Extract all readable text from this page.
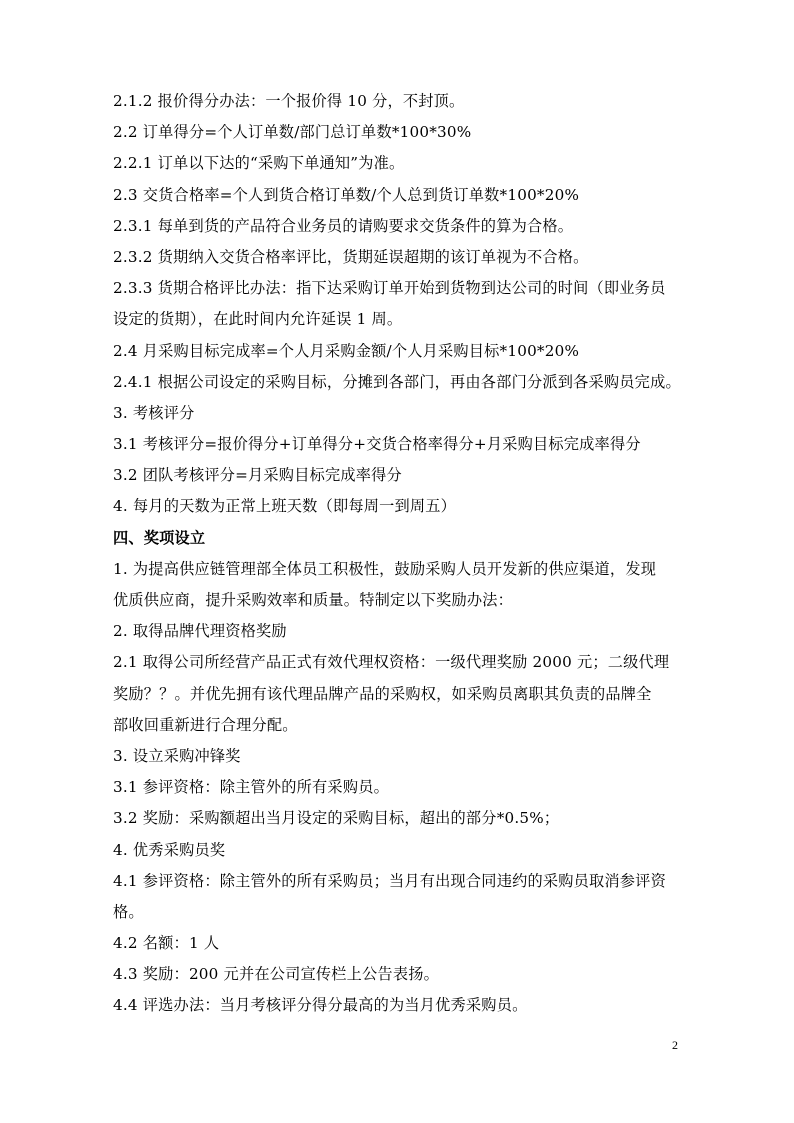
2.1.2 报价得分办法：一个报价得 10 分，不封顶。
2.2 订单得分=个人订单数/部门总订单数*100*30%
2.2.1 订单以下达的“采购下单通知”为准。
2.3 交货合格率=个人到货合格订单数/个人总到货订单数*100*20%
2.3.1 每单到货的产品符合业务员的请购要求交货条件的算为合格。
2.3.2 货期纳入交货合格率评比，货期延误超期的该订单视为不合格。
2.3.3 货期合格评比办法：指下达采购订单开始到货物到达公司的时间（即业务员
设定的货期），在此时间内允许延误 1 周。
2.4 月采购目标完成率=个人月采购金额/个人月采购目标*100*20%
2.4.1 根据公司设定的采购目标，分摊到各部门，再由各部门分派到各采购员完成。
3. 考核评分
3.1 考核评分=报价得分+订单得分+交货合格率得分+月采购目标完成率得分
3.2 团队考核评分=月采购目标完成率得分
4. 每月的天数为正常上班天数（即每周一到周五）
四、奖项设立
1. 为提高供应链管理部全体员工积极性，鼓励采购人员开发新的供应渠道，发现
优质供应商，提升采购效率和质量。特制定以下奖励办法：
2. 取得品牌代理资格奖励
2.1 取得公司所经营产品正式有效代理权资格：一级代理奖励 2000 元；二级代理
奖励？？。并优先拥有该代理品牌产品的采购权，如采购员离职其负责的品牌全
部收回重新进行合理分配。
3. 设立采购冲锋奖
3.1 参评资格：除主管外的所有采购员。
3.2 奖励：采购额超出当月设定的采购目标，超出的部分*0.5%；
4. 优秀采购员奖
4.1 参评资格：除主管外的所有采购员；当月有出现合同违约的采购员取消参评资
格。
4.2 名额：1 人
4.3 奖励：200 元并在公司宣传栏上公告表扬。
4.4 评选办法：当月考核评分得分最高的为当月优秀采购员。
2
